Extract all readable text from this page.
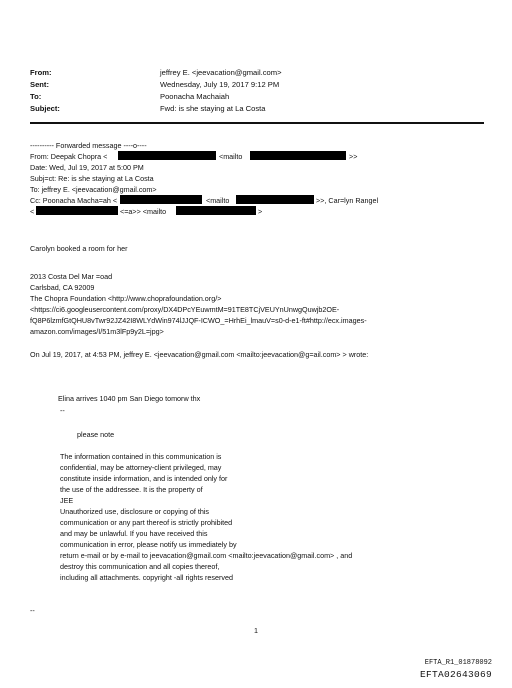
From:	jeffrey E. <jeevacation@gmail.com>
Sent:	Wednesday, July 19, 2017 9:12 PM
To:	Poonacha Machaiah
Subject:	Fwd: is she staying at La Costa
---------- Forwarded message ----o----
From: Deepak Chopra <	<mailto	>>
Date: Wed, Jul 19, 2017 at 5:00 PM
Subj=ct: Re: is she staying at La Costa
To: jeffrey E. <jeevacation@gmail.com>
Cc: Poonacha Macha=ah <	<mailto	>>, Car=lyn Rangel
<	<=a>> <mailto	>
Carolyn booked a room for her
2013 Costa Del Mar =oad
Carlsbad, CA 92009
The Chopra Foundation <http://www.choprafoundation.org/>
<https://ci6.googleusercontent.com/proxy/DX4DPcYEuwmtM=91TE8TCjVEUYnUnwgQuwjb2OE-
fQ8P6lzmfGtQHU8vTwr92JZ42I8WLYdWin974lJJQF-ICWO_=HrhEi_lmauV=s0-d-e1-ft#http://ecx.images-
amazon.com/images/I/51m3lFp9y2L=jpg>
On Jul 19, 2017, at 4:53 PM, jeffrey E. <jeevacation@gmail.com <mailto:jeevacation@g=ail.com> > wrote:
Elina arrives 1040 pm San Diego tomorw thx
--
please note
The information contained in this communication is
confidential, may be attorney-client privileged, may
constitute inside information, and is intended only for
the use of the addressee. It is the property of
JEE
Unauthorized use, disclosure or copying of this
communication or any part thereof is strictly prohibited
and may be unlawful. If you have received this
communication in error, please notify us immediately by
return e-mail or by e-mail to jeevacation@gmail.com <mailto:jeevacation@gmail.com> , and
destroy this communication and all copies thereof,
including all attachments. copyright -all rights reserved
--
1
EFTA_R1_01878092
EFTA02643069
